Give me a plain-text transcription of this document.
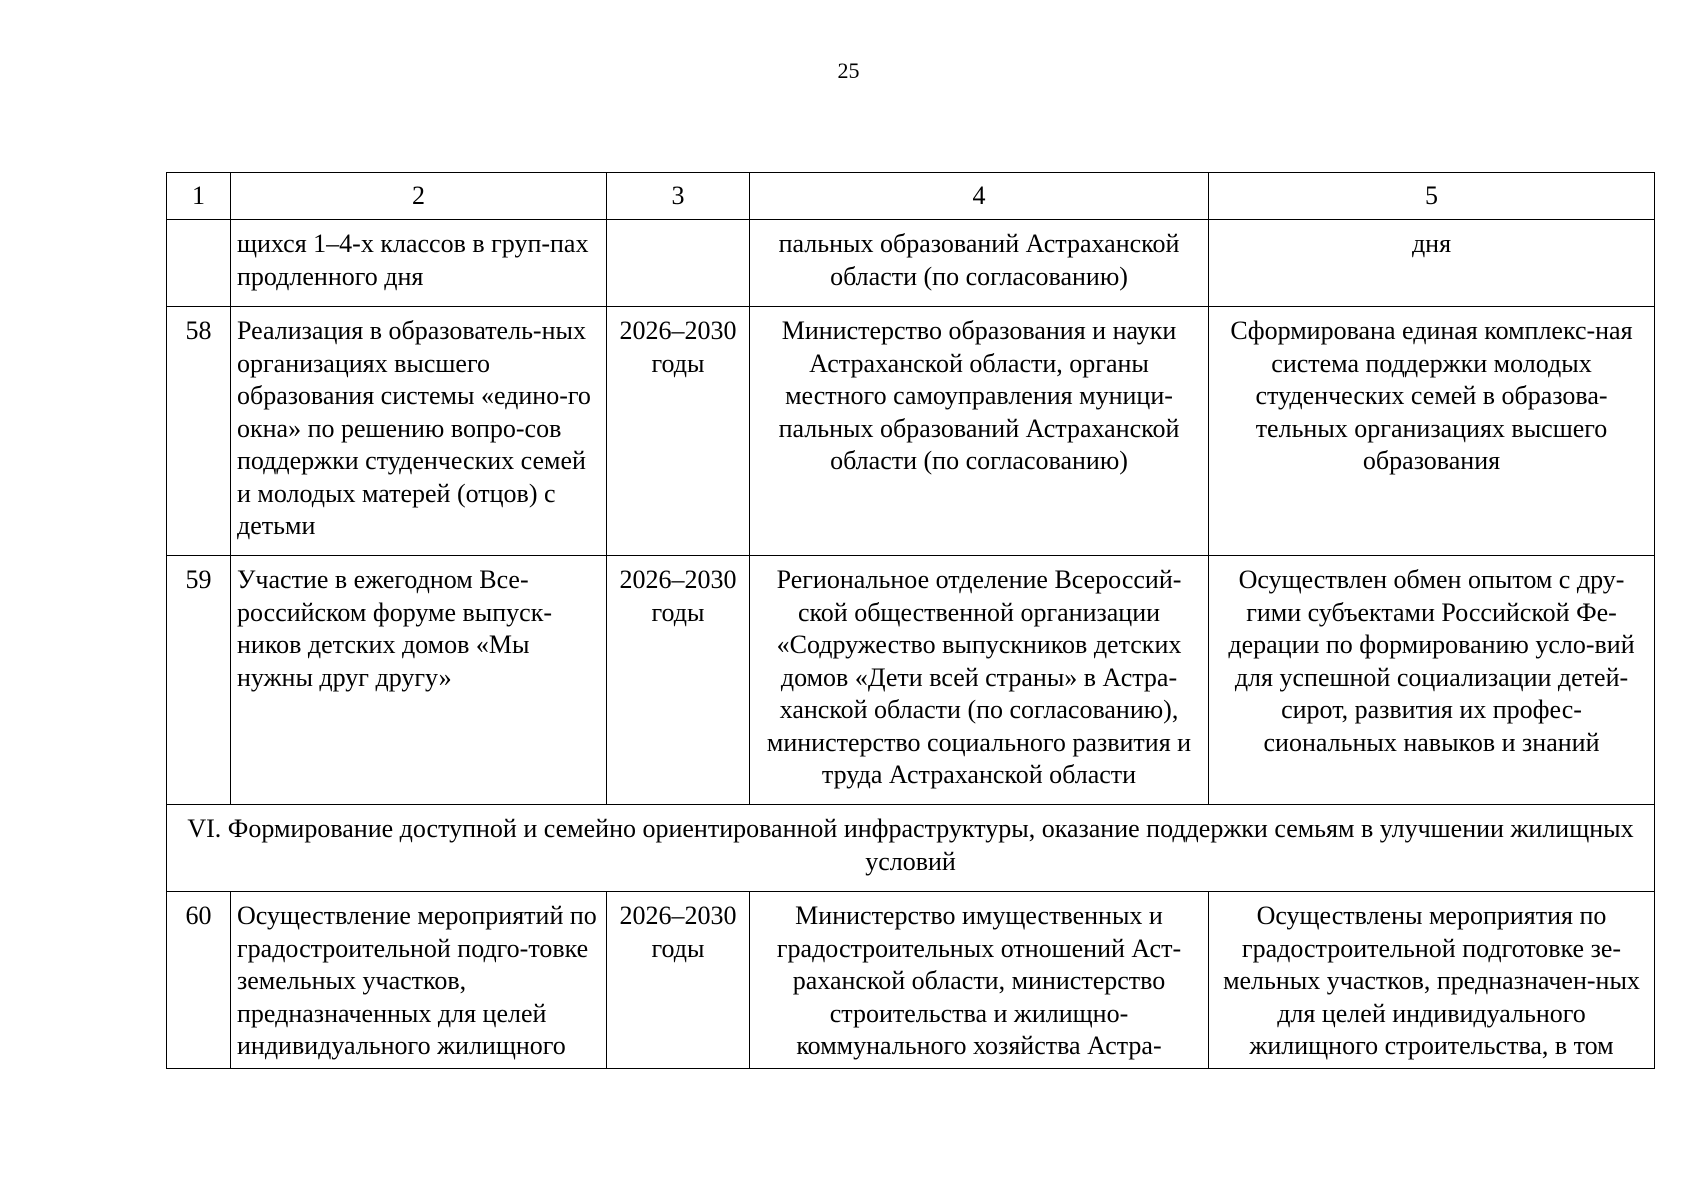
25
1	2	3	4	5
	щихся 1–4-х классов в груп-пах продленного дня		пальных образований Астраханской области (по согласованию)	дня
58	Реализация в образователь-ных организациях высшего образования системы «едино-го окна» по решению вопро-сов поддержки студенческих семей и молодых матерей (отцов) с детьми	2026–2030 годы	Министерство образования и науки Астраханской области, органы местного самоуправления муници-пальных образований Астраханской области (по согласованию)	Сформирована единая комплекс-ная система поддержки молодых студенческих семей в образова-тельных организациях высшего образования
59	Участие в ежегодном Все-российском форуме выпуск-ников детских домов «Мы нужны друг другу»	2026–2030 годы	Региональное отделение Всероссий-ской общественной организации «Содружество выпускников детских домов «Дети всей страны» в Астра-ханской области (по согласованию), министерство социального развития и труда Астраханской области	Осуществлен обмен опытом с дру-гими субъектами Российской Фе-дерации по формированию усло-вий для успешной социализации детей-сирот, развития их профес-сиональных навыков и знаний
VI. Формирование доступной и семейно ориентированной инфраструктуры, оказание поддержки семьям в улучшении жилищных условий				
60	Осуществление мероприятий по градостроительной подго-товке земельных участков, предназначенных для целей индивидуального жилищного	2026–2030 годы	Министерство имущественных и градостроительных отношений Аст-раханской области, министерство строительства и жилищно-коммунального хозяйства Астра-	Осуществлены мероприятия по градостроительной подготовке зе-мельных участков, предназначен-ных для целей индивидуального жилищного строительства, в том
